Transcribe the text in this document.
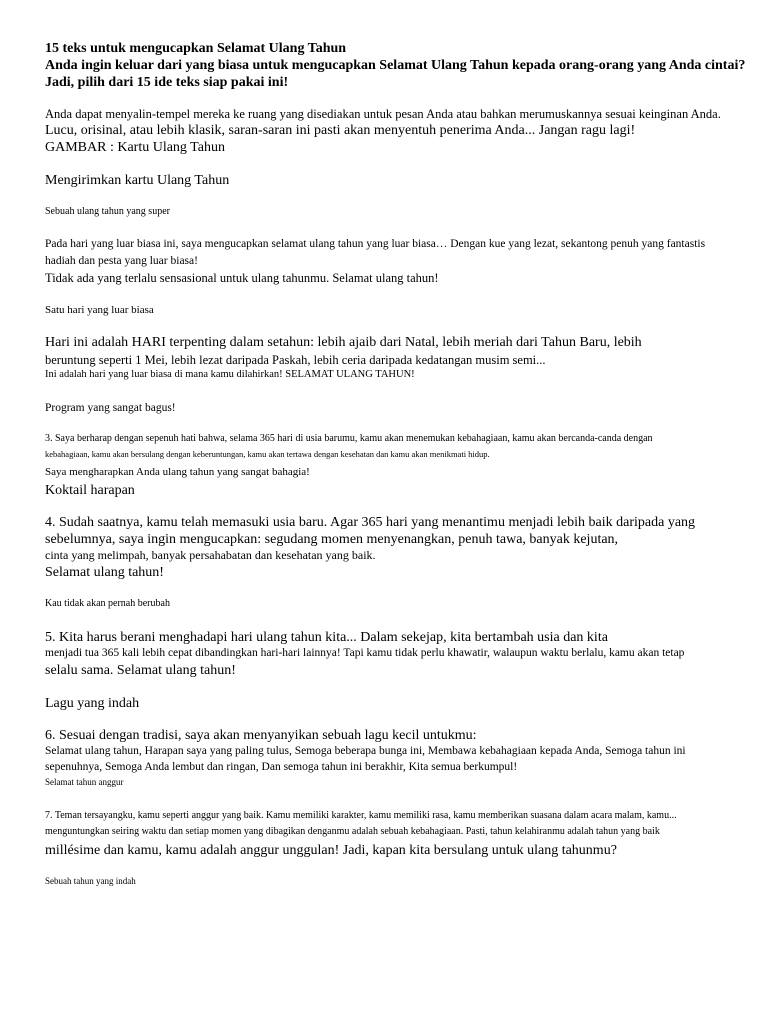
15 teks untuk mengucapkan Selamat Ulang Tahun
Anda ingin keluar dari yang biasa untuk mengucapkan Selamat Ulang Tahun kepada orang-orang yang Anda cintai?
Jadi, pilih dari 15 ide teks siap pakai ini!
Anda dapat menyalin-tempel mereka ke ruang yang disediakan untuk pesan Anda atau bahkan merumuskannya sesuai keinginan Anda.
Lucu, orisinal, atau lebih klasik, saran-saran ini pasti akan menyentuh penerima Anda... Jangan ragu lagi!
GAMBAR : Kartu Ulang Tahun
Mengirimkan kartu Ulang Tahun
Sebuah ulang tahun yang super
Pada hari yang luar biasa ini, saya mengucapkan selamat ulang tahun yang luar biasa… Dengan kue yang lezat, sekantong penuh yang fantastis
hadiah dan pesta yang luar biasa!
Tidak ada yang terlalu sensasional untuk ulang tahunmu. Selamat ulang tahun!
Satu hari yang luar biasa
Hari ini adalah HARI terpenting dalam setahun: lebih ajaib dari Natal, lebih meriah dari Tahun Baru, lebih
beruntung seperti 1 Mei, lebih lezat daripada Paskah, lebih ceria daripada kedatangan musim semi...
Ini adalah hari yang luar biasa di mana kamu dilahirkan! SELAMAT ULANG TAHUN!
Program yang sangat bagus!
3. Saya berharap dengan sepenuh hati bahwa, selama 365 hari di usia barumu, kamu akan menemukan kebahagiaan, kamu akan bercanda-canda dengan
kebahagiaan, kamu akan bersulang dengan keberuntungan, kamu akan tertawa dengan kesehatan dan kamu akan menikmati hidup.
Saya mengharapkan Anda ulang tahun yang sangat bahagia!
Koktail harapan
4. Sudah saatnya, kamu telah memasuki usia baru. Agar 365 hari yang menantimu menjadi lebih baik daripada yang
sebelumnya, saya ingin mengucapkan: segudang momen menyenangkan, penuh tawa, banyak kejutan,
cinta yang melimpah, banyak persahabatan dan kesehatan yang baik.
Selamat ulang tahun!
Kau tidak akan pernah berubah
5. Kita harus berani menghadapi hari ulang tahun kita... Dalam sekejap, kita bertambah usia dan kita
menjadi tua 365 kali lebih cepat dibandingkan hari-hari lainnya! Tapi kamu tidak perlu khawatir, walaupun waktu berlalu, kamu akan tetap
selalu sama. Selamat ulang tahun!
Lagu yang indah
6. Sesuai dengan tradisi, saya akan menyanyikan sebuah lagu kecil untukmu:
Selamat ulang tahun, Harapan saya yang paling tulus, Semoga beberapa bunga ini, Membawa kebahagiaan kepada Anda, Semoga tahun ini
sepenuhnya, Semoga Anda lembut dan ringan, Dan semoga tahun ini berakhir, Kita semua berkumpul!
Selamat tahun anggur
7. Teman tersayangku, kamu seperti anggur yang baik. Kamu memiliki karakter, kamu memiliki rasa, kamu memberikan suasana dalam acara malam, kamu...
menguntungkan seiring waktu dan setiap momen yang dibagikan denganmu adalah sebuah kebahagiaan. Pasti, tahun kelahiranmu adalah tahun yang baik
millésime dan kamu, kamu adalah anggur unggulan! Jadi, kapan kita bersulang untuk ulang tahunmu?
Sebuah tahun yang indah
